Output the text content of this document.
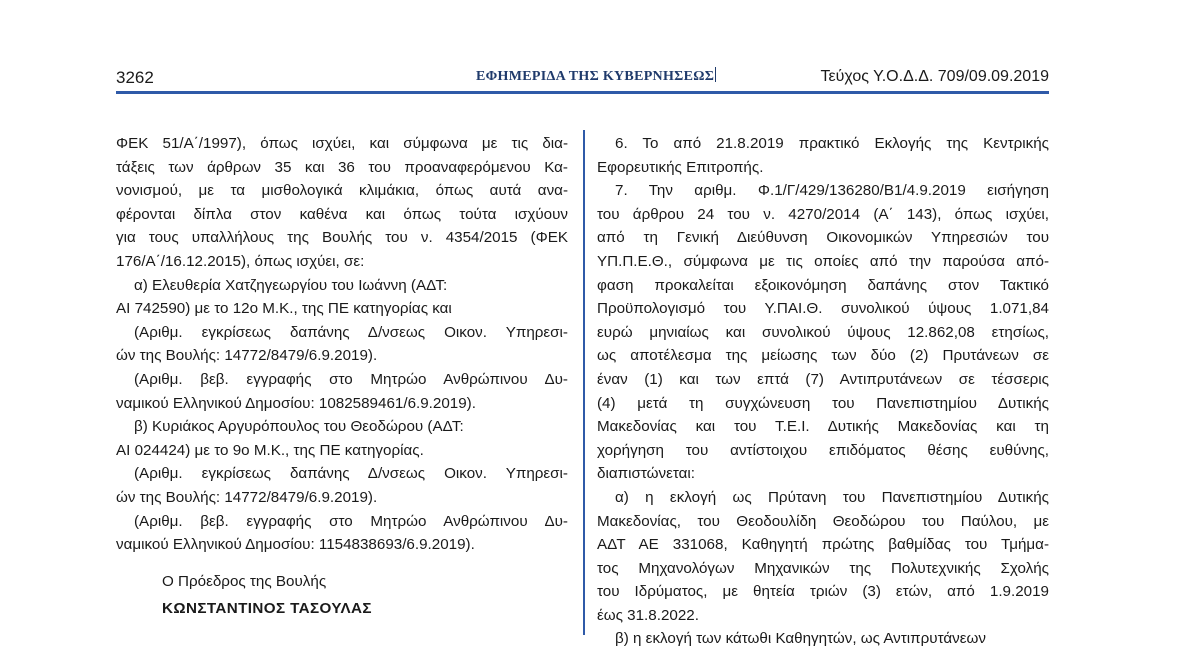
3262	ΕΦΗΜΕΡΙΔΑ ΤΗΣ ΚΥΒΕΡΝΗΣΕΩΣ	Τεύχος Υ.Ο.Δ.Δ. 709/09.09.2019
ΦΕΚ 51/Α΄/1997), όπως ισχύει, και σύμφωνα με τις δια-
τάξεις των άρθρων 35 και 36 του προαναφερόμενου Κα-
νονισμού, με τα μισθολογικά κλιμάκια, όπως αυτά ανα-
φέρονται δίπλα στον καθένα και όπως τούτα ισχύουν
για τους υπαλλήλους της Βουλής του ν. 4354/2015 (ΦΕΚ
176/Α΄/16.12.2015), όπως ισχύει, σε:
α) Ελευθερία Χατζηγεωργίου του Ιωάννη (ΑΔΤ:
ΑΙ 742590) με το 12ο Μ.Κ., της ΠΕ κατηγορίας και
(Αριθμ. εγκρίσεως δαπάνης Δ/νσεως Οικον. Υπηρεσι-
ών της Βουλής: 14772/8479/6.9.2019).
(Αριθμ. βεβ. εγγραφής στο Μητρώο Ανθρώπινου Δυ-
ναμικού Ελληνικού Δημοσίου: 1082589461/6.9.2019).
β) Κυριάκος Αργυρόπουλος του Θεοδώρου (ΑΔΤ:
ΑΙ 024424) με το 9ο Μ.Κ., της ΠΕ κατηγορίας.
(Αριθμ. εγκρίσεως δαπάνης Δ/νσεως Οικον. Υπηρεσι-
ών της Βουλής: 14772/8479/6.9.2019).
(Αριθμ. βεβ. εγγραφής στο Μητρώο Ανθρώπινου Δυ-
ναμικού Ελληνικού Δημοσίου: 1154838693/6.9.2019).
6. Το από 21.8.2019 πρακτικό Εκλογής της Κεντρικής
Εφορευτικής Επιτροπής.
7. Την αριθμ. Φ.1/Γ/429/136280/Β1/4.9.2019 εισήγηση
του άρθρου 24 του ν. 4270/2014 (Α΄ 143), όπως ισχύει,
από τη Γενική Διεύθυνση Οικονομικών Υπηρεσιών του
ΥΠ.Π.Ε.Θ., σύμφωνα με τις οποίες από την παρούσα από-
φαση προκαλείται εξοικονόμηση δαπάνης στον Τακτικό
Προϋπολογισμό του Υ.ΠΑΙ.Θ. συνολικού ύψους 1.071,84
ευρώ μηνιαίως και συνολικού ύψους 12.862,08 ετησίως,
ως αποτέλεσμα της μείωσης των δύο (2) Πρυτάνεων σε
έναν (1) και των επτά (7) Αντιπρυτάνεων σε τέσσερις
(4) μετά τη συγχώνευση του Πανεπιστημίου Δυτικής
Μακεδονίας και του Τ.Ε.Ι. Δυτικής Μακεδονίας και τη
χορήγηση του αντίστοιχου επιδόματος θέσης ευθύνης,
διαπιστώνεται:
α) η εκλογή ως Πρύτανη του Πανεπιστημίου Δυτικής
Μακεδονίας, του Θεοδουλίδη Θεοδώρου του Παύλου, με
ΑΔΤ ΑΕ 331068, Καθηγητή πρώτης βαθμίδας του Τμήμα-
τος Μηχανολόγων Μηχανικών της Πολυτεχνικής Σχολής
του Ιδρύματος, με θητεία τριών (3) ετών, από 1.9.2019
έως 31.8.2022.
β) η εκλογή των κάτωθι Καθηγητών, ως Αντιπρυτάνεων
Ο Πρόεδρος της Βουλής
ΚΩΝΣΤΑΝΤΙΝΟΣ ΤΑΣΟΥΛΑΣ
